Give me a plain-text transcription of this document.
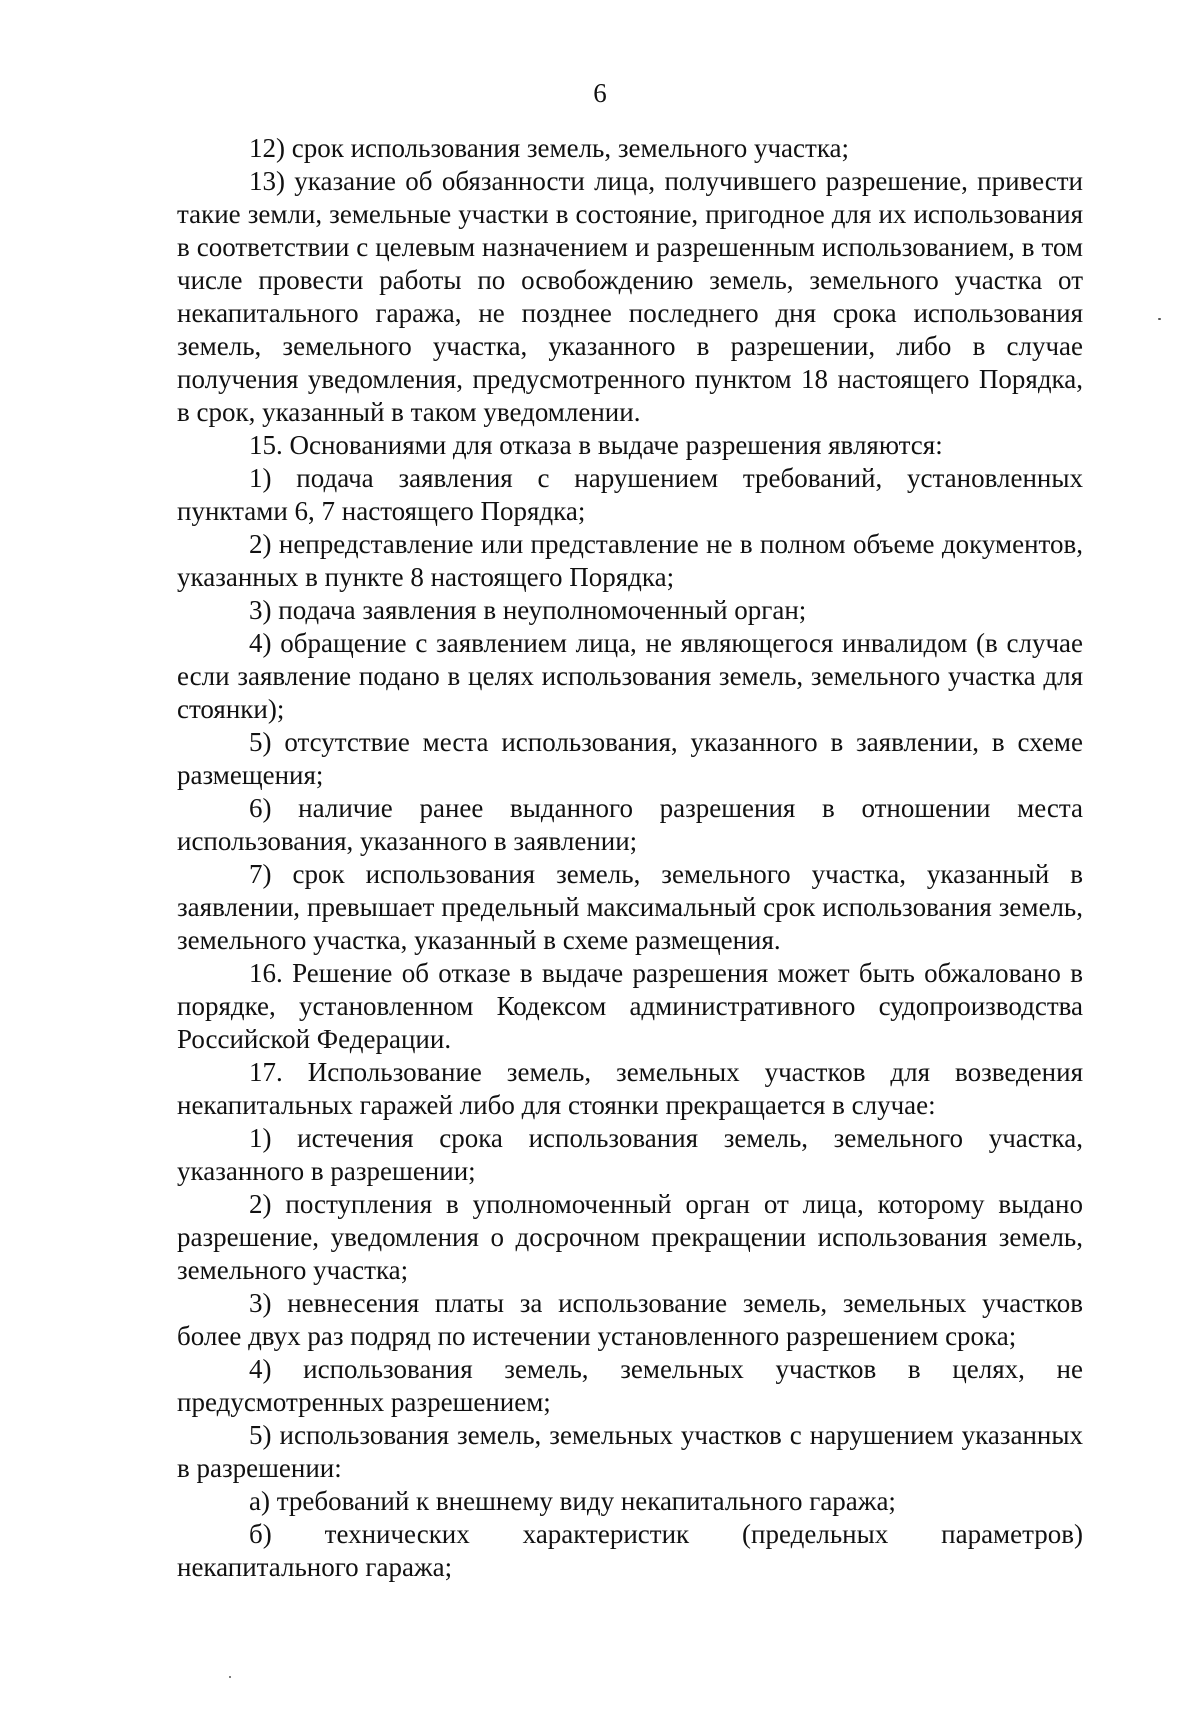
6

12) срок использования земель, земельного участка;

13) указание об обязанности лица, получившего разрешение, привести такие земли, земельные участки в состояние, пригодное для их использования в соответствии с целевым назначением и разрешенным использованием, в том числе провести работы по освобождению земель, земельного участка от некапитального гаража, не позднее последнего дня срока использования земель, земельного участка, указанного в разрешении, либо в случае получения уведомления, предусмотренного пунктом 18 настоящего Порядка, в срок, указанный в таком уведомлении.

15. Основаниями для отказа в выдаче разрешения являются:

1) подача заявления с нарушением требований, установленных пунктами 6, 7 настоящего Порядка;

2) непредставление или представление не в полном объеме документов, указанных в пункте 8 настоящего Порядка;

3) подача заявления в неуполномоченный орган;

4) обращение с заявлением лица, не являющегося инвалидом (в случае если заявление подано в целях использования земель, земельного участка для стоянки);

5) отсутствие места использования, указанного в заявлении, в схеме размещения;

6) наличие ранее выданного разрешения в отношении места использования, указанного в заявлении;

7) срок использования земель, земельного участка, указанный в заявлении, превышает предельный максимальный срок использования земель, земельного участка, указанный в схеме размещения.

16. Решение об отказе в выдаче разрешения может быть обжаловано в порядке, установленном Кодексом административного судопроизводства Российской Федерации.

17. Использование земель, земельных участков для возведения некапитальных гаражей либо для стоянки прекращается в случае:

1) истечения срока использования земель, земельного участка, указанного в разрешении;

2) поступления в уполномоченный орган от лица, которому выдано разрешение, уведомления о досрочном прекращении использования земель, земельного участка;

3) невнесения платы за использование земель, земельных участков более двух раз подряд по истечении установленного разрешением срока;

4) использования земель, земельных участков в целях, не предусмотренных разрешением;

5) использования земель, земельных участков с нарушением указанных в разрешении:

а) требований к внешнему виду некапитального гаража;

б) технических характеристик (предельных параметров) некапитального гаража;
